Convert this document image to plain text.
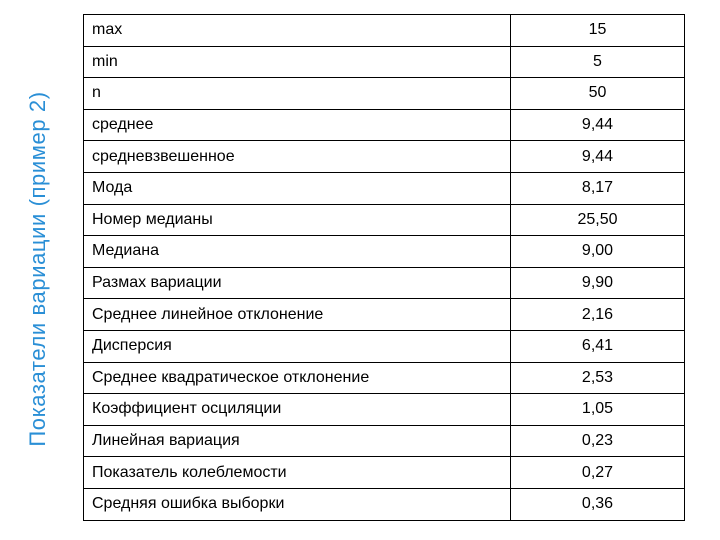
Показатели вариации (пример 2)
max	15
min	5
n	50
среднее	9,44
средневзвешенное	9,44
Мода	8,17
Номер медианы	25,50
Медиана	9,00
Размах вариации	9,90
Среднее линейное отклонение	2,16
Дисперсия	6,41
Среднее квадратическое отклонение	2,53
Коэффициент осциляции	1,05
Линейная вариация	0,23
Показатель колеблемости	0,27
Средняя ошибка выборки	0,36
